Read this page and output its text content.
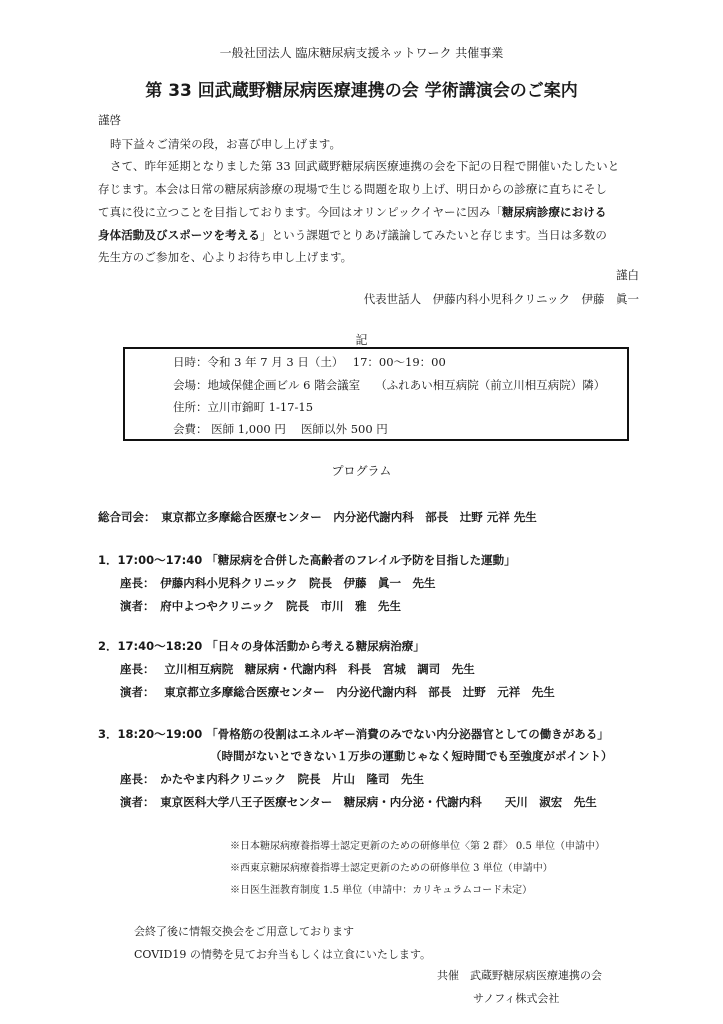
一般社団法人 臨床糖尿病支援ネットワーク 共催事業
第 33 回武蔵野糖尿病医療連携の会 学術講演会のご案内
謹啓
時下益々ご清栄の段，お喜び申し上げます。
さて、昨年延期となりました第 33 回武蔵野糖尿病医療連携の会を下記の日程で開催いたしたいと
存じます。本会は日常の糖尿病診療の現場で生じる問題を取り上げ、明日からの診療に直ちにそし
て真に役に立つことを目指しております。今回はオリンピックイヤーに因み「糖尿病診療における
身体活動及びスポーツを考える」という課題でとりあげ議論してみたいと存じます。当日は多数の
先生方のご参加を、心よりお待ち申し上げます。
謹白
代表世話人　伊藤内科小児科クリニック　伊藤　眞一
記
日時：令和 3 年 7 月 3 日（土）　 17：00〜19：00
会場：地域保健企画ビル 6 階会議室　 （ふれあい相互病院（前立川相互病院）隣）
住所：立川市錦町 1-17-15
会費： 医師 1,000 円　 医師以外 500 円
プログラム
総合司会：　東京都立多摩総合医療センター　内分泌代謝内科　部長　辻野 元祥 先生
1．17:00〜17:40 「糖尿病を合併した高齢者のフレイル予防を目指した運動」
座長：　伊藤内科小児科クリニック　院長　伊藤　眞一　先生
演者：　府中よつやクリニック　院長　市川　雅　先生
2．17:40〜18:20 「日々の身体活動から考える糖尿病治療」
座長：　 立川相互病院　糖尿病・代謝内科　科長　宮城　調司　先生
演者：　 東京都立多摩総合医療センター　内分泌代謝内科　部長　辻野　元祥　先生
3．18:20〜19:00 「骨格筋の役割はエネルギー消費のみでない内分泌器官としての働きがある」
（時間がないとできない１万歩の運動じゃなく短時間でも至強度がポイント）
座長：　かたやま内科クリニック　院長　片山　隆司　先生
演者：　東京医科大学八王子医療センター　糖尿病・内分泌・代謝内科　　天川　淑宏　先生
※日本糖尿病療養指導士認定更新のための研修単位〈第 2 群〉 0.5 単位（申請中）
※西東京糖尿病療養指導士認定更新のための研修単位 3 単位（申請中）
※日医生涯教育制度 1.5 単位（申請中：カリキュラムコード未定）
会終了後に情報交換会をご用意しております
COVID19 の情勢を見てお弁当もしくは立食にいたします。
共催　武蔵野糖尿病医療連携の会
サノフィ株式会社
